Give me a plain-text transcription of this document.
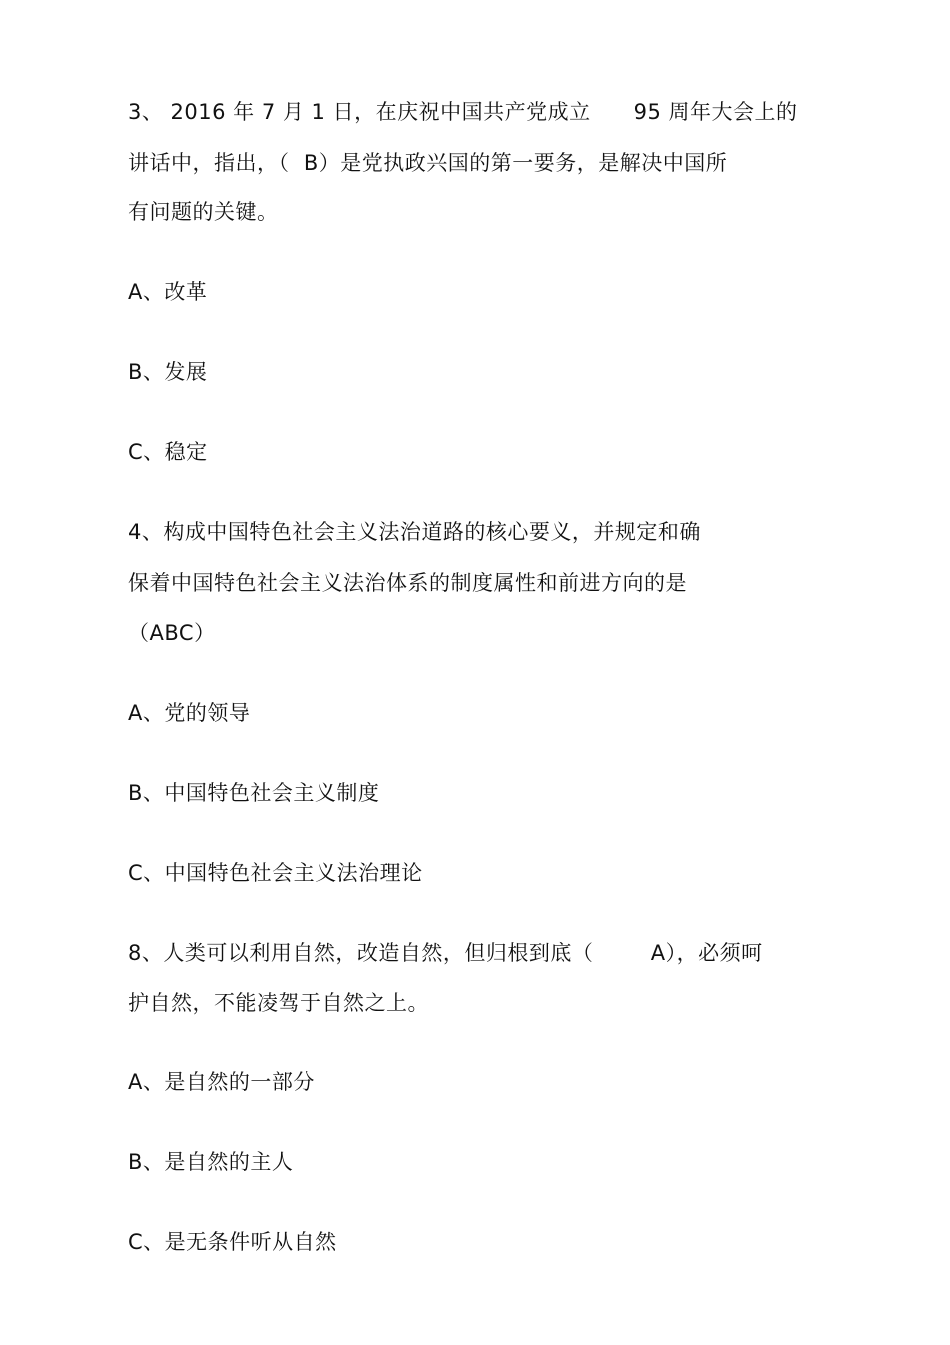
3、 2016 年 7 月 1 日，在庆祝中国共产党成立      95 周年大会上的
讲话中，指出，（  B）是党执政兴国的第一要务，是解决中国所
有问题的关键。
A、改革
B、发展
C、稳定
4、构成中国特色社会主义法治道路的核心要义，并规定和确
保着中国特色社会主义法治体系的制度属性和前进方向的是
（ABC）
A、党的领导
B、中国特色社会主义制度
C、中国特色社会主义法治理论
8、人类可以利用自然，改造自然，但归根到底（        A），必须呵
护自然，不能凌驾于自然之上。
A、是自然的一部分
B、是自然的主人
C、是无条件听从自然
